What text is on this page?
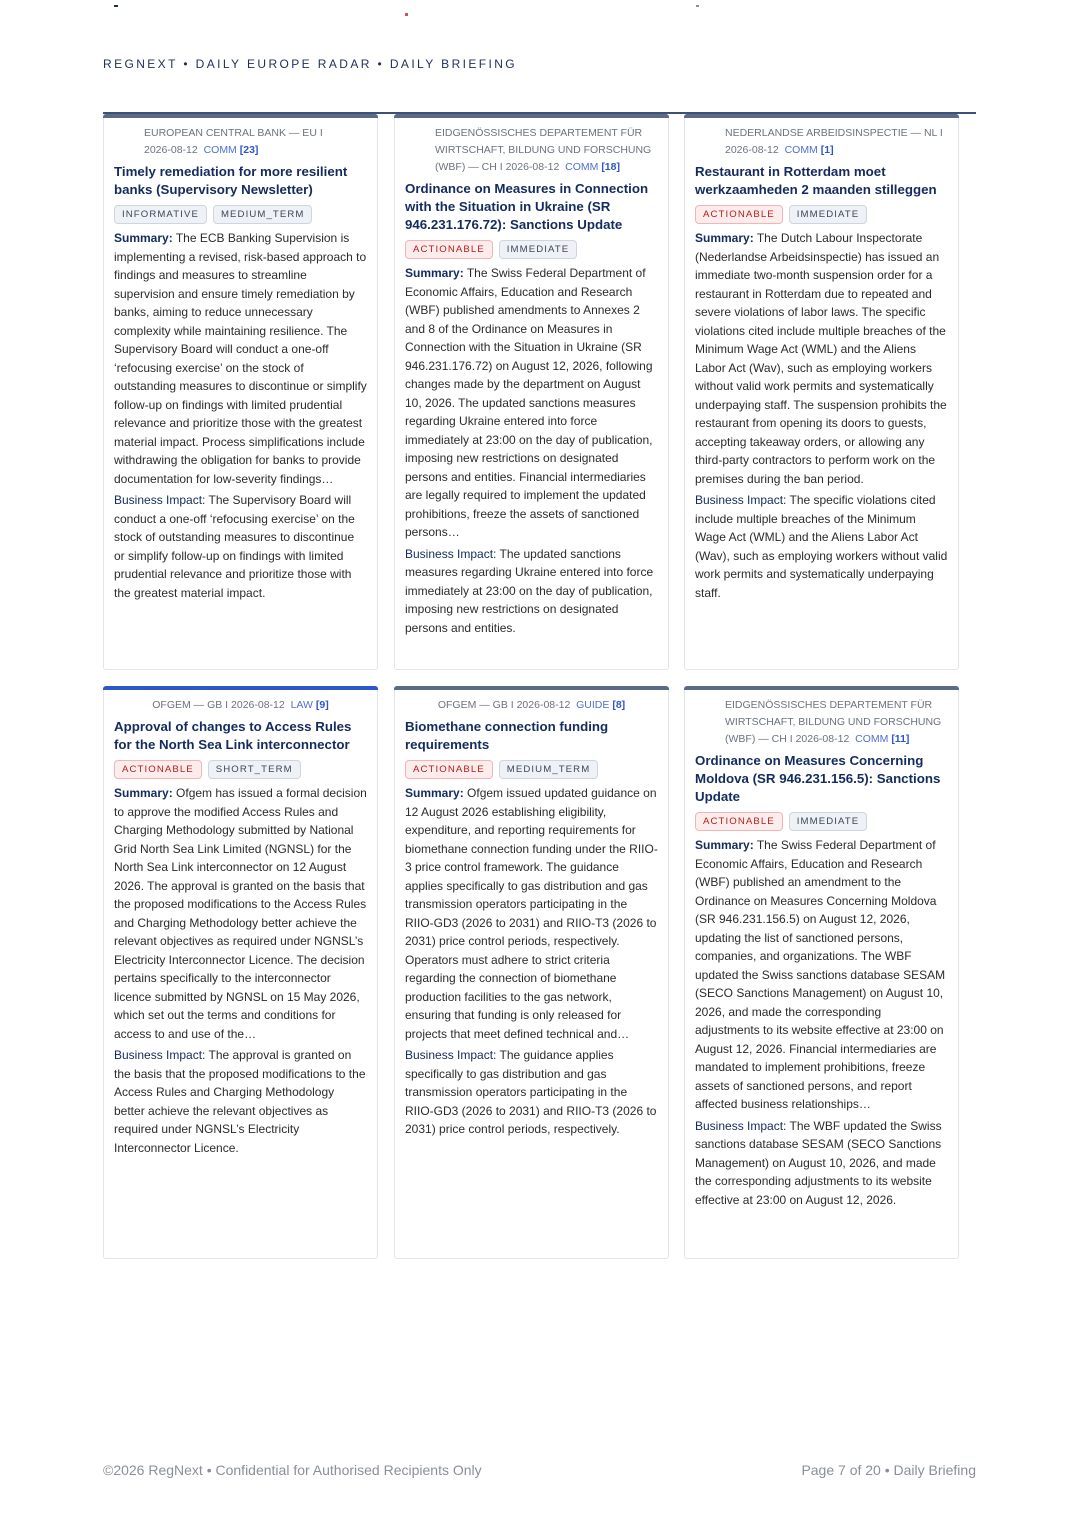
REGNEXT • DAILY EUROPE RADAR • DAILY BRIEFING
EUROPEAN CENTRAL BANK — EU I
2026-08-12 COMM [23]
Timely remediation for more resilient banks (Supervisory Newsletter)
INFORMATIVE MEDIUM_TERM
Summary: The ECB Banking Supervision is implementing a revised, risk-based approach to findings and measures to streamline supervision and ensure timely remediation by banks, aiming to reduce unnecessary complexity while maintaining resilience. The Supervisory Board will conduct a one-off ‘refocusing exercise’ on the stock of outstanding measures to discontinue or simplify follow-up on findings with limited prudential relevance and prioritize those with the greatest material impact. Process simplifications include withdrawing the obligation for banks to provide documentation for low-severity findings…
Business Impact: The Supervisory Board will conduct a one-off ‘refocusing exercise’ on the stock of outstanding measures to discontinue or simplify follow-up on findings with limited prudential relevance and prioritize those with the greatest material impact.
EIDGENÖSSISCHES DEPARTEMENT FÜR WIRTSCHAFT, BILDUNG UND FORSCHUNG (WBF) — CH I 2026-08-12 COMM [18]
Ordinance on Measures in Connection with the Situation in Ukraine (SR 946.231.176.72): Sanctions Update
ACTIONABLE IMMEDIATE
Summary: The Swiss Federal Department of Economic Affairs, Education and Research (WBF) published amendments to Annexes 2 and 8 of the Ordinance on Measures in Connection with the Situation in Ukraine (SR 946.231.176.72) on August 12, 2026, following changes made by the department on August 10, 2026. The updated sanctions measures regarding Ukraine entered into force immediately at 23:00 on the day of publication, imposing new restrictions on designated persons and entities. Financial intermediaries are legally required to implement the updated prohibitions, freeze the assets of sanctioned persons…
Business Impact: The updated sanctions measures regarding Ukraine entered into force immediately at 23:00 on the day of publication, imposing new restrictions on designated persons and entities.
NEDERLANDSE ARBEIDSINSPECTIE — NL I
2026-08-12 COMM [1]
Restaurant in Rotterdam moet werkzaamheden 2 maanden stilleggen
ACTIONABLE IMMEDIATE
Summary: The Dutch Labour Inspectorate (Nederlandse Arbeidsinspectie) has issued an immediate two-month suspension order for a restaurant in Rotterdam due to repeated and severe violations of labor laws. The specific violations cited include multiple breaches of the Minimum Wage Act (WML) and the Aliens Labor Act (Wav), such as employing workers without valid work permits and systematically underpaying staff. The suspension prohibits the restaurant from opening its doors to guests, accepting takeaway orders, or allowing any third-party contractors to perform work on the premises during the ban period.
Business Impact: The specific violations cited include multiple breaches of the Minimum Wage Act (WML) and the Aliens Labor Act (Wav), such as employing workers without valid work permits and systematically underpaying staff.
OFGEM — GB I 2026-08-12 LAW [9]
Approval of changes to Access Rules for the North Sea Link interconnector
ACTIONABLE SHORT_TERM
Summary: Ofgem has issued a formal decision to approve the modified Access Rules and Charging Methodology submitted by National Grid North Sea Link Limited (NGNSL) for the North Sea Link interconnector on 12 August 2026. The approval is granted on the basis that the proposed modifications to the Access Rules and Charging Methodology better achieve the relevant objectives as required under NGNSL’s Electricity Interconnector Licence. The decision pertains specifically to the interconnector licence submitted by NGNSL on 15 May 2026, which set out the terms and conditions for access to and use of the…
Business Impact: The approval is granted on the basis that the proposed modifications to the Access Rules and Charging Methodology better achieve the relevant objectives as required under NGNSL’s Electricity Interconnector Licence.
OFGEM — GB I 2026-08-12 GUIDE [8]
Biomethane connection funding requirements
ACTIONABLE MEDIUM_TERM
Summary: Ofgem issued updated guidance on 12 August 2026 establishing eligibility, expenditure, and reporting requirements for biomethane connection funding under the RIIO-3 price control framework. The guidance applies specifically to gas distribution and gas transmission operators participating in the RIIO-GD3 (2026 to 2031) and RIIO-T3 (2026 to 2031) price control periods, respectively. Operators must adhere to strict criteria regarding the connection of biomethane production facilities to the gas network, ensuring that funding is only released for projects that meet defined technical and…
Business Impact: The guidance applies specifically to gas distribution and gas transmission operators participating in the RIIO-GD3 (2026 to 2031) and RIIO-T3 (2026 to 2031) price control periods, respectively.
EIDGENÖSSISCHES DEPARTEMENT FÜR WIRTSCHAFT, BILDUNG UND FORSCHUNG (WBF) — CH I 2026-08-12 COMM [11]
Ordinance on Measures Concerning Moldova (SR 946.231.156.5): Sanctions Update
ACTIONABLE IMMEDIATE
Summary: The Swiss Federal Department of Economic Affairs, Education and Research (WBF) published an amendment to the Ordinance on Measures Concerning Moldova (SR 946.231.156.5) on August 12, 2026, updating the list of sanctioned persons, companies, and organizations. The WBF updated the Swiss sanctions database SESAM (SECO Sanctions Management) on August 10, 2026, and made the corresponding adjustments to its website effective at 23:00 on August 12, 2026. Financial intermediaries are mandated to implement prohibitions, freeze assets of sanctioned persons, and report affected business relationships…
Business Impact: The WBF updated the Swiss sanctions database SESAM (SECO Sanctions Management) on August 10, 2026, and made the corresponding adjustments to its website effective at 23:00 on August 12, 2026.
©2026 RegNext • Confidential for Authorised Recipients Only	Page 7 of 20 • Daily Briefing
